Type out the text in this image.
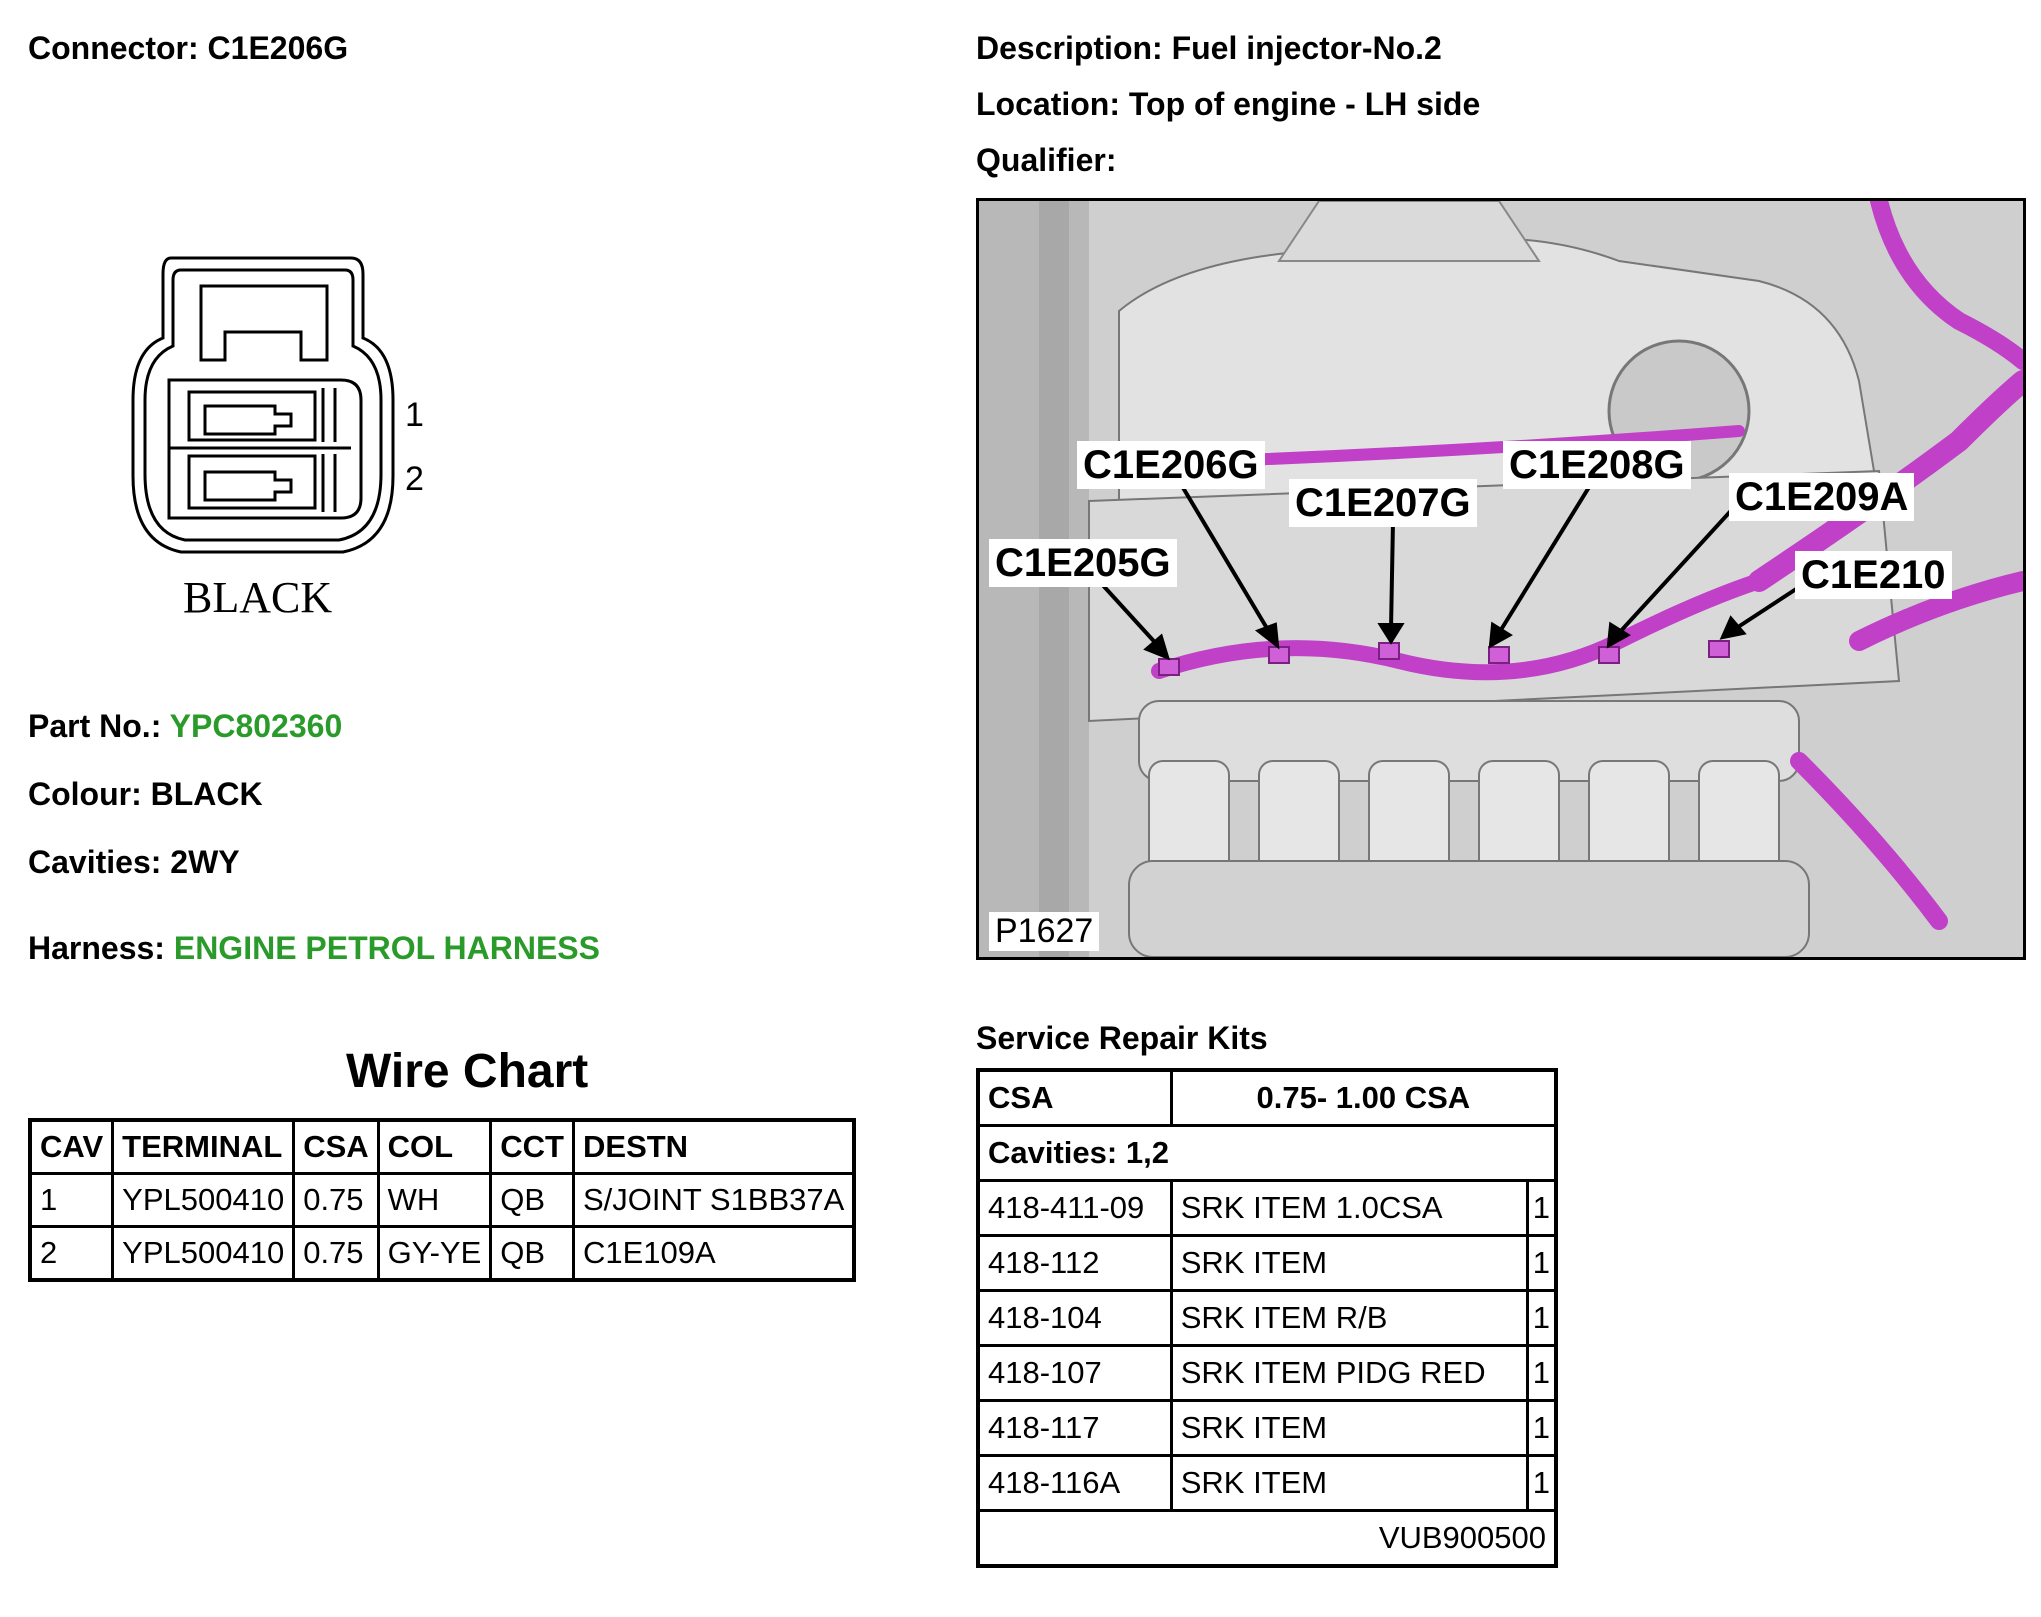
Connector: C1E206G	Description: Fuel injector-No.2
Location: Top of engine - LH side
Qualifier:
1
2
BLACK
Part No.: YPC802360
Colour: BLACK
Cavities: 2WY
Harness: ENGINE PETROL HARNESS
Wire Chart
CAV	TERMINAL	CSA	COL	CCT	DESTN
1	YPL500410	0.75	WH	QB	S/JOINT S1BB37A
2	YPL500410	0.75	GY-YE	QB	C1E109A
C1E206G
C1E207G
C1E208G
C1E209A
C1E205G	C1E210
P1627
Service Repair Kits
CSA	0.75- 1.00 CSA	
Cavities: 1,2		
418-411-09	SRK ITEM 1.0CSA	1
418-112	SRK ITEM	1
418-104	SRK ITEM R/B	1
418-107	SRK ITEM PIDG RED	1
418-117	SRK ITEM	1
418-116A	SRK ITEM	1
VUB900500		
